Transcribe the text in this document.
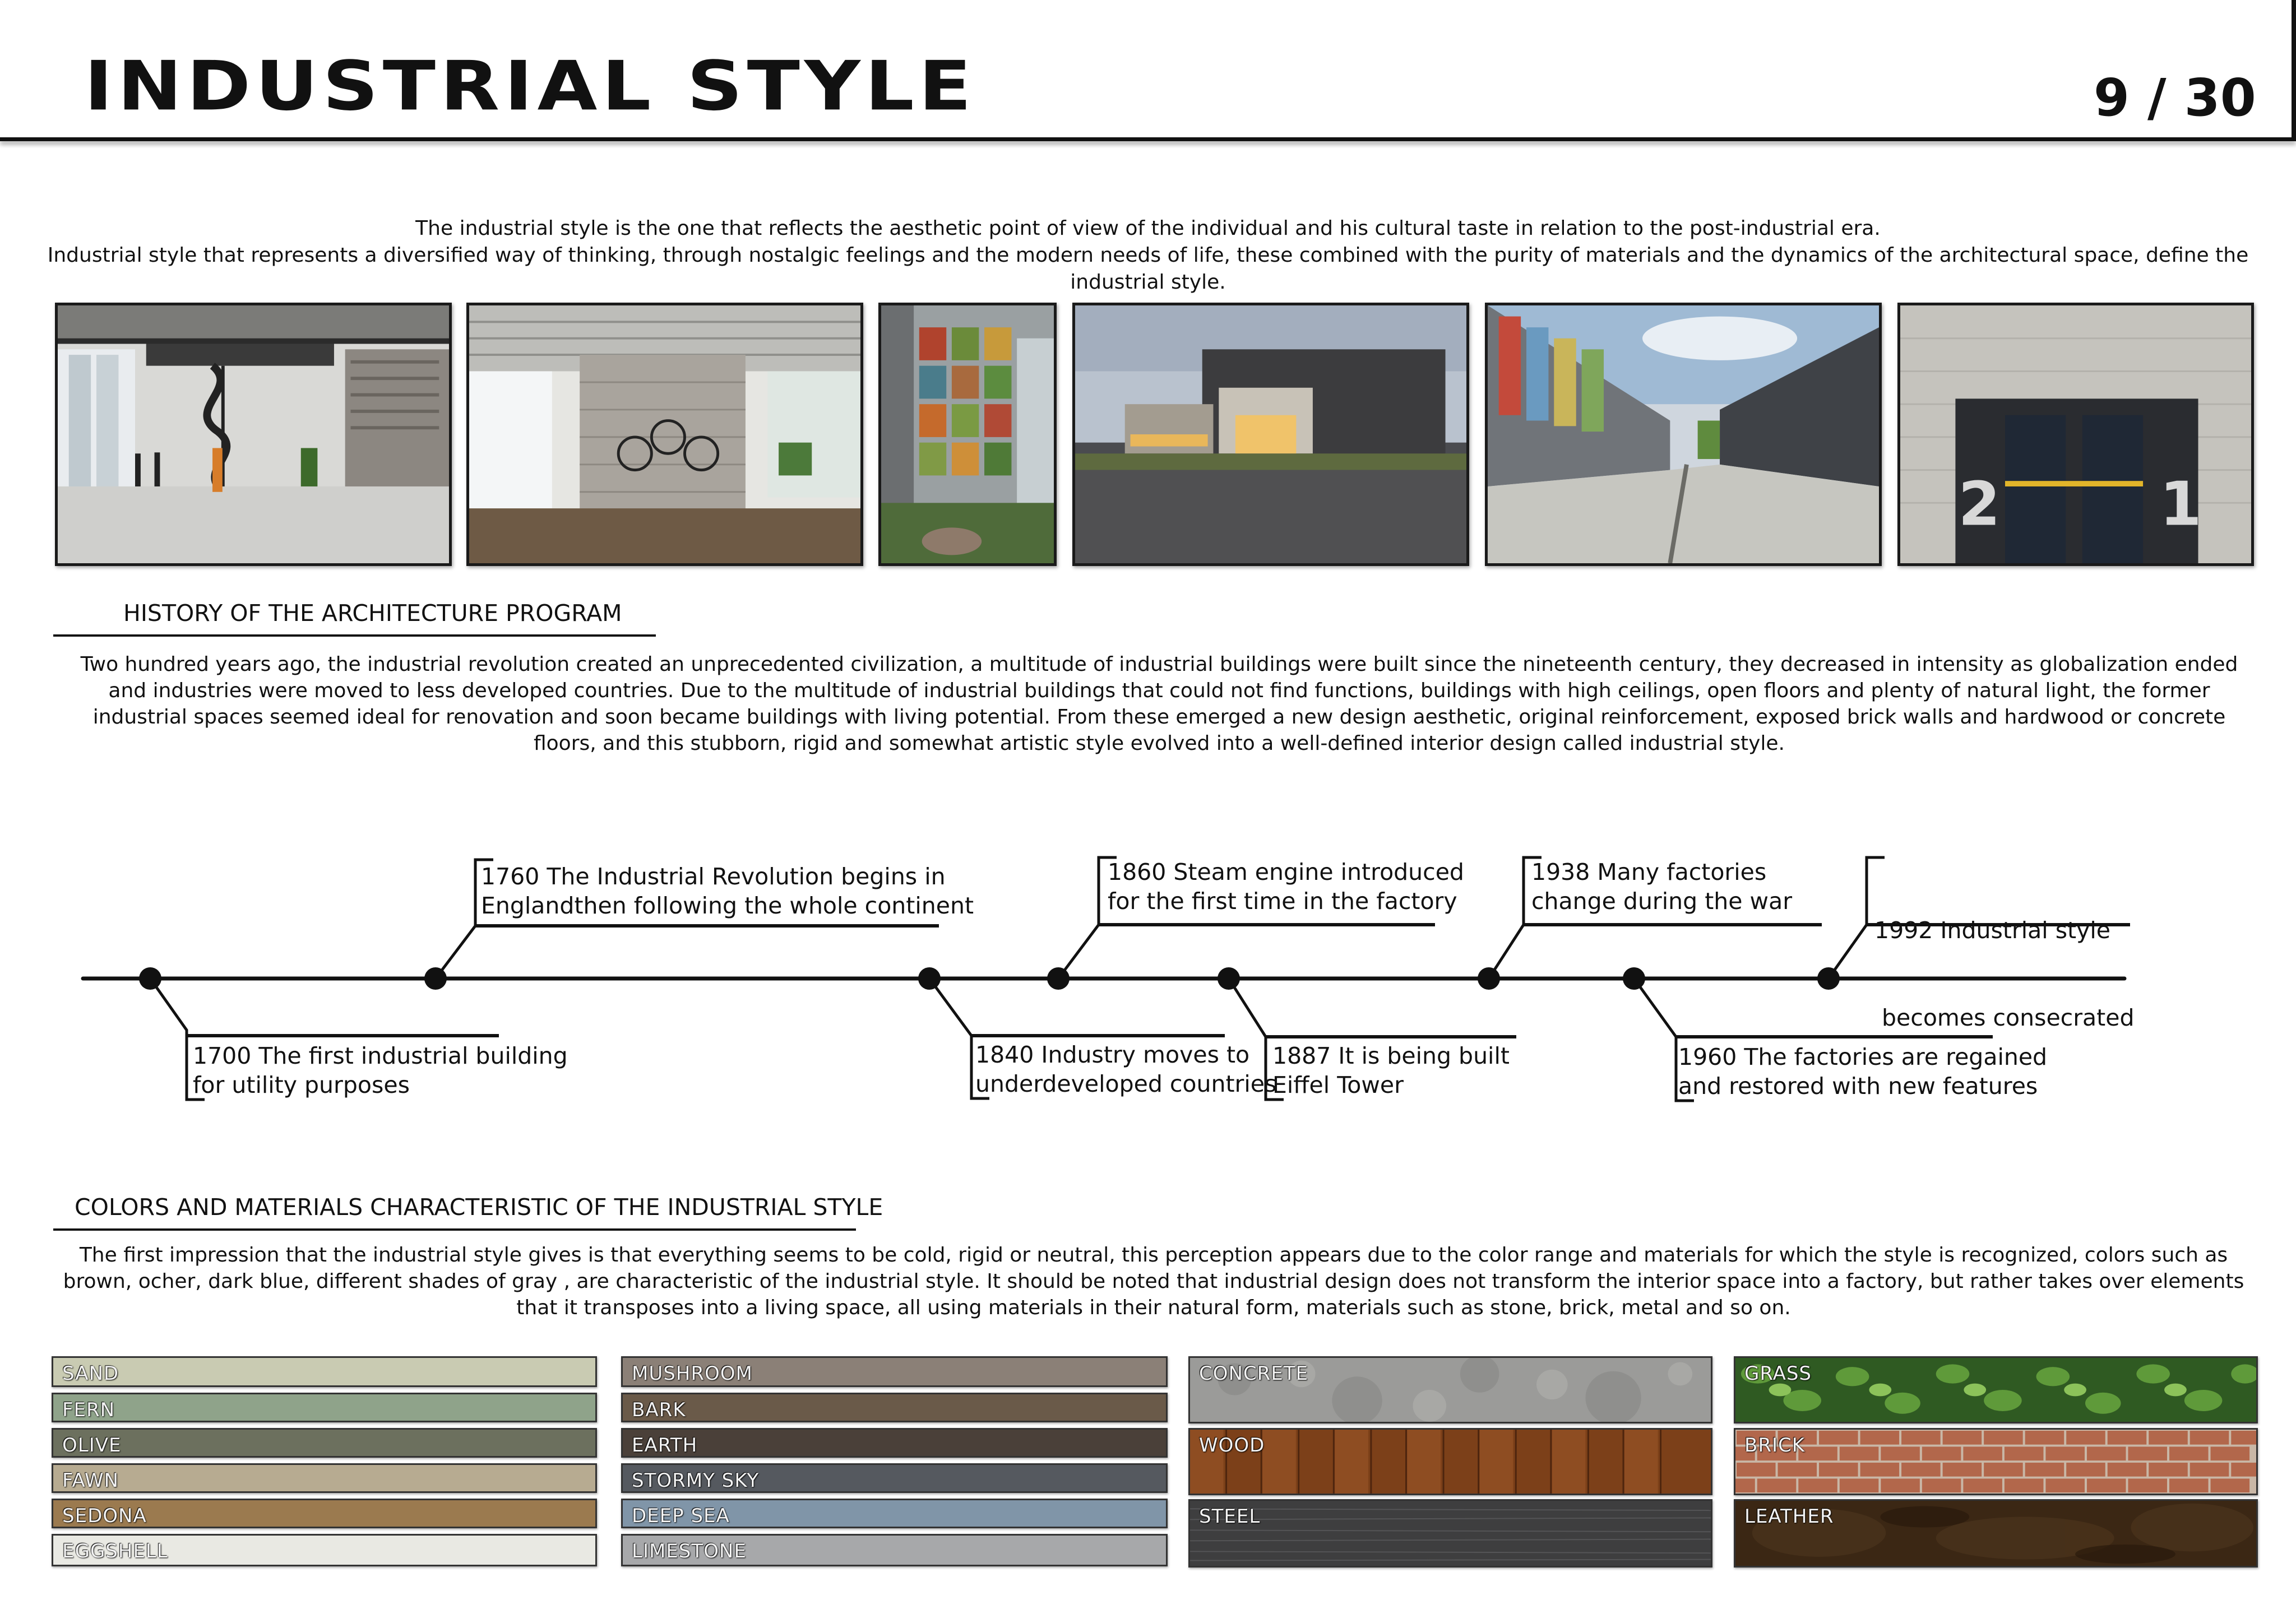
INDUSTRIAL STYLE	9 / 30
The industrial style is the one that reflects the aesthetic point of view of the individual and his cultural taste in relation to the post-industrial era.
Industrial style that represents a diversified way of thinking, through nostalgic feelings and the modern needs of life, these combined with the purity of materials and the dynamics of the architectural space, define the industrial style.
2	1
HISTORY OF THE ARCHITECTURE PROGRAM
Two hundred years ago, the industrial revolution created an unprecedented civilization, a multitude of industrial buildings were built since the nineteenth century, they decreased in intensity as globalization ended and industries were moved to less developed countries. Due to the multitude of industrial buildings that could not find functions, buildings with high ceilings, open floors and plenty of natural light, the former industrial spaces seemed ideal for renovation and soon became buildings with living potential. From these emerged a new design aesthetic, original reinforcement, exposed brick walls and hardwood or concrete floors, and this stubborn, rigid and somewhat artistic style evolved into a well-defined interior design called industrial style.
1700 The first industrial building
for utility purposes
1760 The Industrial Revolution begins in
Englandthen following the whole continent
1840 Industry moves to
underdeveloped countries
1860 Steam engine introduced
for the first time in the factory
1887 It is being built
Eiffel Tower
1938 Many factories
change during the war
1960 The factories are regained
and restored with new features

1992 Industrial style

becomes consecrated

COLORS AND MATERIALS CHARACTERISTIC OF THE INDUSTRIAL STYLE
The first impression that the industrial style gives is that everything seems to be cold, rigid or neutral, this perception appears due to the color range and materials for which the style is recognized, colors such as brown, ocher, dark blue, different shades of gray , are characteristic of the industrial style. It should be noted that industrial design does not transform the interior space into a factory, but rather takes over elements that it transposes into a living space, all using materials in their natural form, materials such as stone, brick, metal and so on.
SAND
FERN
OLIVE
FAWN
SEDONA
EGGSHELL
MUSHROOM
BARK
EARTH
STORMY SKY
DEEP SEA
LIMESTONE
CONCRETE
WOOD
STEEL
GRASS
BRICK
LEATHER
